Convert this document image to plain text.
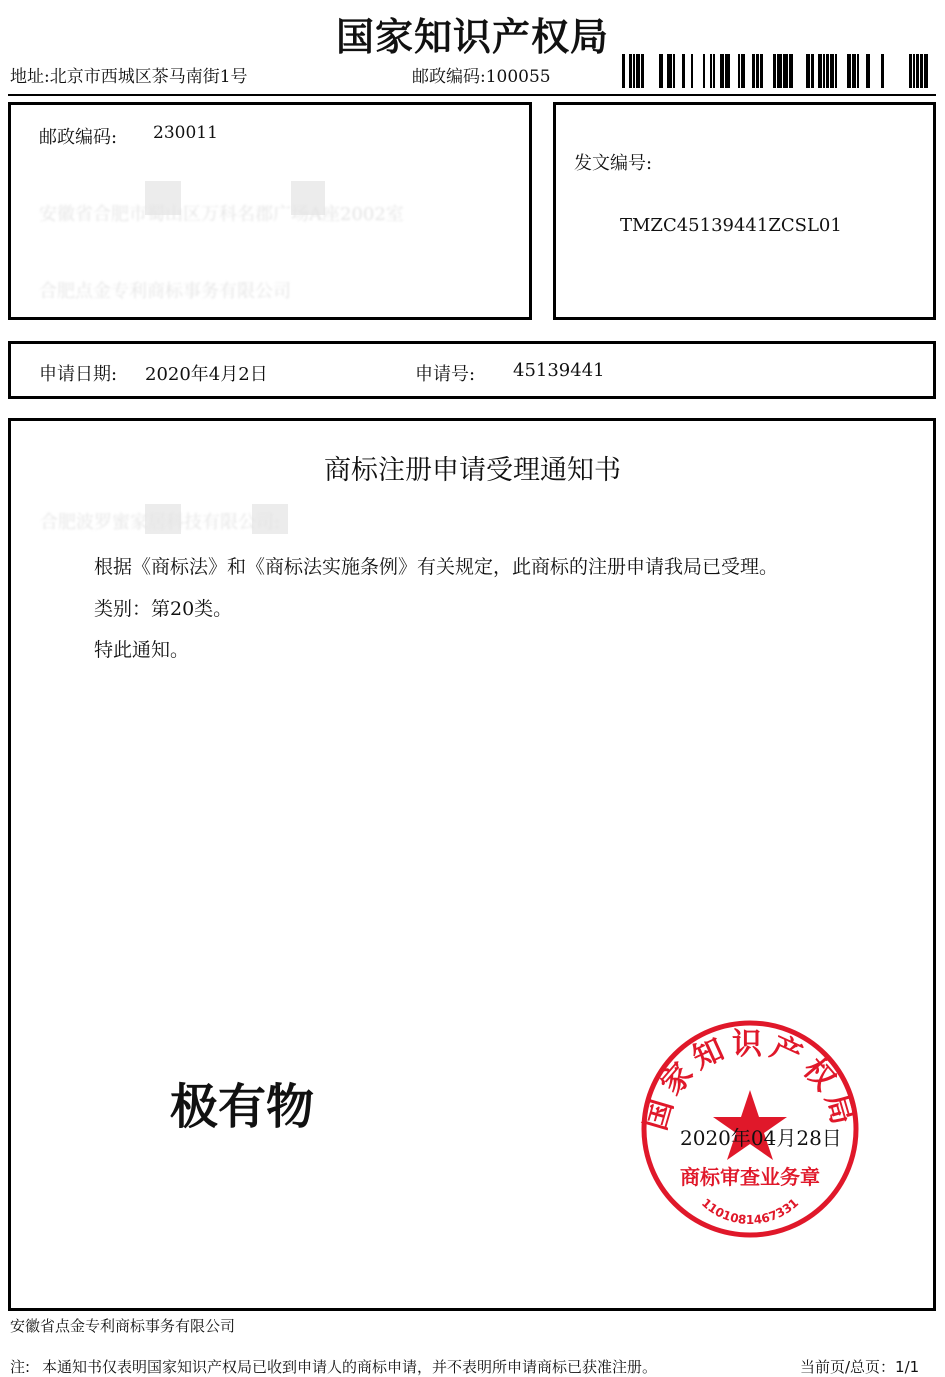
国家知识产权局
地址:北京市西城区茶马南街1号	邮政编码:100055
邮政编码: 230011
安徽省合肥市蜀山区万科名郡广场A座2002室
合肥点金专利商标事务有限公司
发文编号:
TMZC45139441ZCSL01
申请日期: 2020年4月2日	申请号: 45139441
商标注册申请受理通知书
合肥波罗蜜家居科技有限公司:
根据《商标法》和《商标法实施条例》有关规定，此商标的注册申请我局已受理。
类别：第20类。
特此通知。
极有物	国家知识产权局
商标审查业务章
1101081467331
2020年04月28日
安徽省点金专利商标事务有限公司
注: 本通知书仅表明国家知识产权局已收到申请人的商标申请，并不表明所申请商标已获准注册。	当前页/总页：1/1
